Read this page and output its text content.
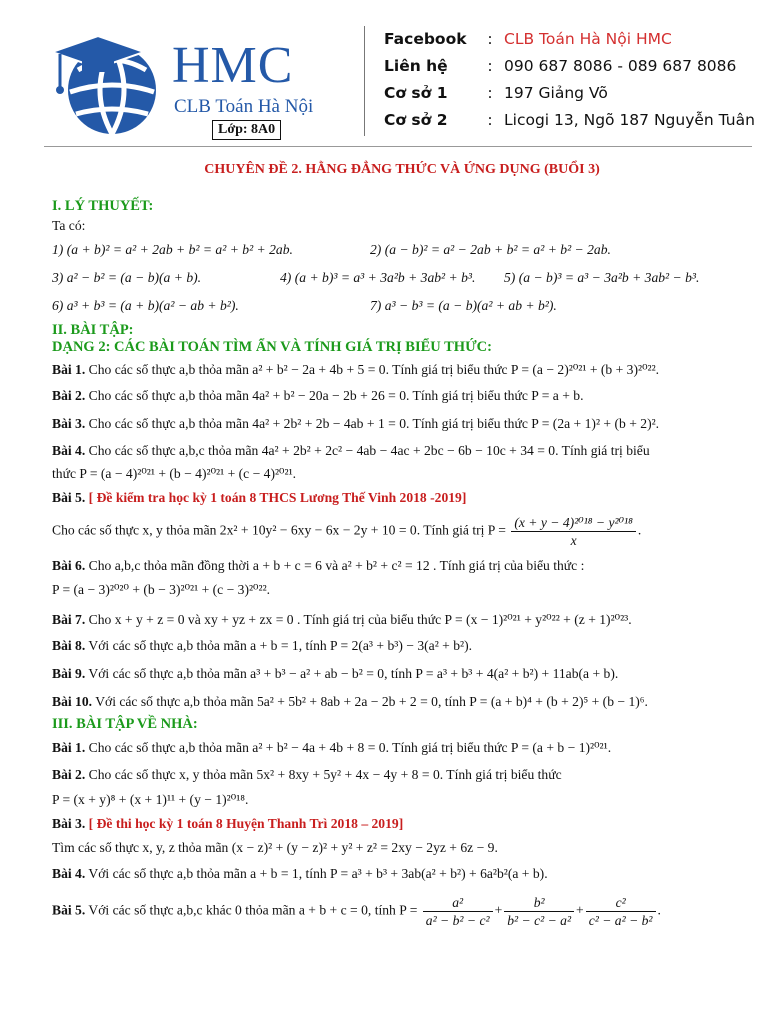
HMC
CLB Toán Hà Nội
Lớp: 8A0
Facebook : CLB Toán Hà Nội HMC
Liên hệ	: 090 687 8086 - 089 687 8086
Cơ sở 1	: 197 Giảng Võ
Cơ sở 2	: Licogi 13, Ngõ 187 Nguyễn Tuân
CHUYÊN ĐỀ 2. HẰNG ĐẲNG THỨC VÀ ỨNG DỤNG (BUỔI 3)
I. LÝ THUYẾT:
Ta có:
1) (a + b)² = a² + 2ab + b² = a² + b² + 2ab.	2) (a − b)² = a² − 2ab + b² = a² + b² − 2ab.
3) a² − b² = (a − b)(a + b).	4) (a + b)³ = a³ + 3a²b + 3ab² + b³. 5) (a − b)³ = a³ − 3a²b + 3ab² − b³.
6) a³ + b³ = (a + b)(a² − ab + b²).	7) a³ − b³ = (a − b)(a² + ab + b²).
II. BÀI TẬP:
DẠNG 2: CÁC BÀI TOÁN TÌM ẨN VÀ TÍNH GIÁ TRỊ BIỂU THỨC:
Bài 1. Cho các số thực a,b thỏa mãn a² + b² − 2a + 4b + 5 = 0. Tính giá trị biểu thức P = (a − 2)²⁰²¹ + (b + 3)²⁰²².
Bài 2. Cho các số thực a,b thỏa mãn 4a² + b² − 20a − 2b + 26 = 0. Tính giá trị biểu thức P = a + b.
Bài 3. Cho các số thực a,b thỏa mãn 4a² + 2b² + 2b − 4ab + 1 = 0. Tính giá trị biểu thức P = (2a + 1)² + (b + 2)².
Bài 4. Cho các số thực a,b,c thỏa mãn 4a² + 2b² + 2c² − 4ab − 4ac + 2bc − 6b − 10c + 34 = 0. Tính giá trị biểu
thức P = (a − 4)²⁰²¹ + (b − 4)²⁰²¹ + (c − 4)²⁰²¹.
Bài 5. [ Đề kiểm tra học kỳ 1 toán 8 THCS Lương Thế Vinh 2018 -2019]
Cho các số thực x, y thỏa mãn 2x² + 10y² − 6xy − 6x − 2y + 10 = 0. Tính giá trị $P = \frac{\text{(x + y − 4)²⁰¹⁸ − y²⁰¹⁸}}{x}$ .
Bài 6. Cho a,b,c thỏa mãn đồng thời a + b + c = 6 và a² + b² + c² = 12 . Tính giá trị của biểu thức :
P = (a − 3)²⁰²⁰ + (b − 3)²⁰²¹ + (c − 3)²⁰²².
Bài 7. Cho x + y + z = 0 và xy + yz + zx = 0 . Tính giá trị của biểu thức P = (x − 1)²⁰²¹ + y²⁰²² + (z + 1)²⁰²³.
Bài 8. Với các số thực a,b thỏa mãn a + b = 1, tính P = 2(a³ + b³) − 3(a² + b²).
Bài 9. Với các số thực a,b thỏa mãn a³ + b³ − a² + ab − b² = 0, tính P = a³ + b³ + 4(a² + b²) + 11ab(a + b).
Bài 10. Với các số thực a,b thỏa mãn 5a² + 5b² + 8ab + 2a − 2b + 2 = 0, tính P = (a + b)⁴ + (b + 2)⁵ + (b − 1)⁶.
III. BÀI TẬP VỀ NHÀ:
Bài 1. Cho các số thực a,b thỏa mãn a² + b² − 4a + 4b + 8 = 0. Tính giá trị biểu thức P = (a + b − 1)²⁰²¹.
Bài 2. Cho các số thực x, y thỏa mãn 5x² + 8xy + 5y² + 4x − 4y + 8 = 0. Tính giá trị biểu thức
P = (x + y)⁸ + (x + 1)¹¹ + (y − 1)²⁰¹⁸.
Bài 3. [ Đề thi học kỳ 1 toán 8 Huyện Thanh Trì 2018 – 2019]
Tìm các số thực x, y, z thỏa mãn (x − z)² + (y − z)² + y² + z² = 2xy − 2yz + 6z − 9.
Bài 4. Với các số thực a,b thỏa mãn a + b = 1, tính P = a³ + b³ + 3ab(a² + b²) + 6a²b²(a + b).
Bài 5. Với các số thực a,b,c khác 0 thỏa mãn a + b + c = 0, tính $P = \frac{\text{a²}}{\text{a² − b² − c²}} + \frac{\text{b²}}{\text{b² − c² − a²}} + \frac{\text{c²}}{\text{c² − a² − b²}}$ .
